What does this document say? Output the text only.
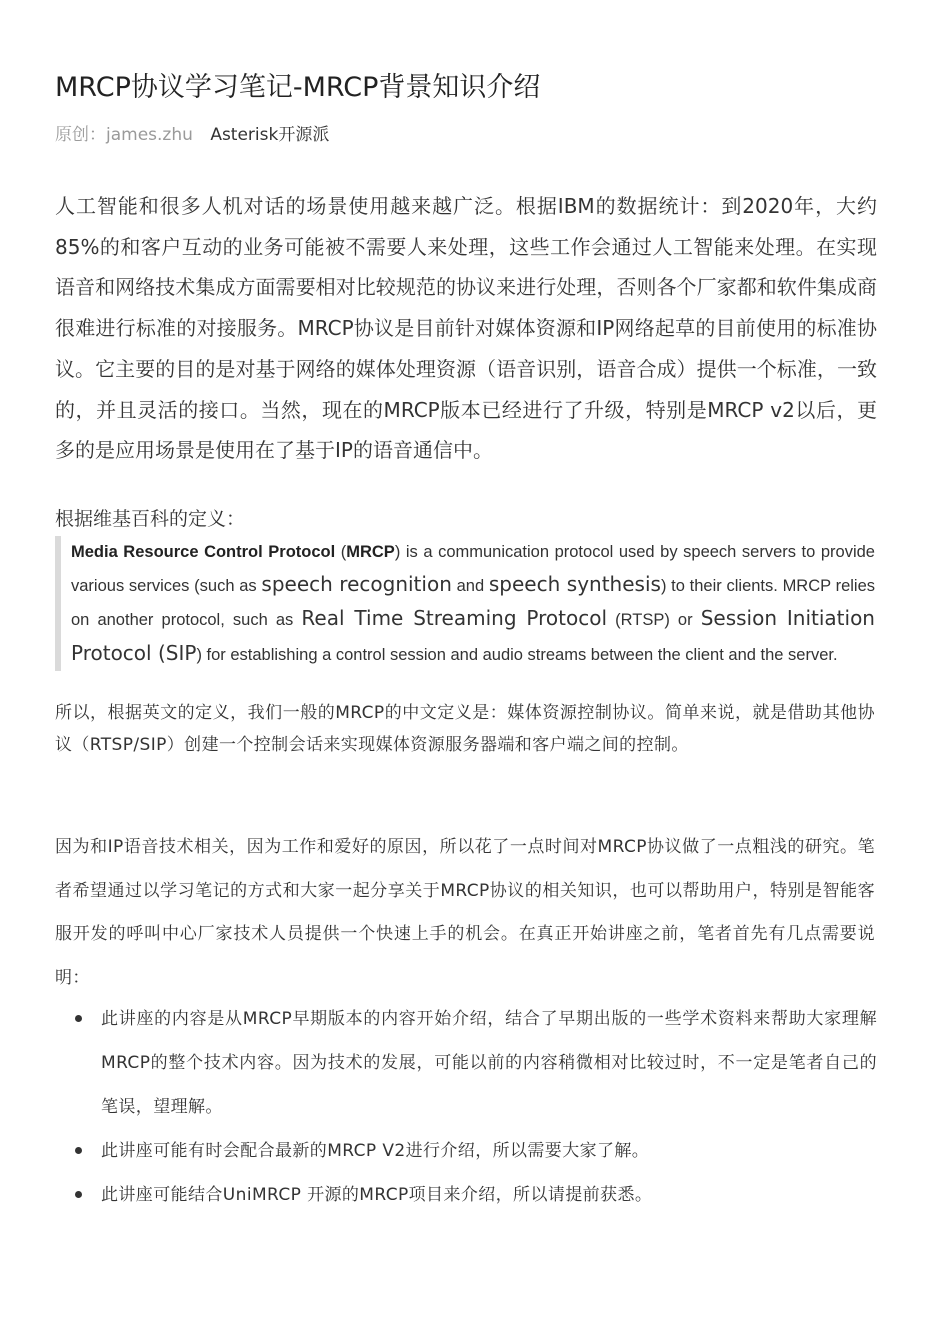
MRCP协议学习笔记-MRCP背景知识介绍
原创：james.zhu Asterisk开源派

人工智能和很多人机对话的场景使用越来越广泛。根据IBM的数据统计：到2020年，大约85%的和客户互动的业务可能被不需要人来处理，这些工作会通过人工智能来处理。在实现语音和网络技术集成方面需要相对比较规范的协议来进行处理，否则各个厂家都和软件集成商很难进行标准的对接服务。MRCP协议是目前针对媒体资源和IP网络起草的目前使用的标准协议。它主要的目的是对基于网络的媒体处理资源（语音识别，语音合成）提供一个标准，一致的，并且灵活的接口。当然，现在的MRCP版本已经进行了升级，特别是MRCP v2以后，更多的是应用场景是使用在了基于IP的语音通信中。

根据维基百科的定义：

Media Resource Control Protocol (MRCP) is a communication protocol used by speech servers to provide various services (such as speech recognition and speech synthesis) to their clients. MRCP relies on another protocol, such as Real Time Streaming Protocol (RTSP) or Session Initiation Protocol (SIP) for establishing a control session and audio streams between the client and the server.

所以，根据英文的定义，我们一般的MRCP的中文定义是：媒体资源控制协议。简单来说，就是借助其他协议（RTSP/SIP）创建一个控制会话来实现媒体资源服务器端和客户端之间的控制。

因为和IP语音技术相关，因为工作和爱好的原因，所以花了一点时间对MRCP协议做了一点粗浅的研究。笔者希望通过以学习笔记的方式和大家一起分享关于MRCP协议的相关知识，也可以帮助用户，特别是智能客服开发的呼叫中心厂家技术人员提供一个快速上手的机会。在真正开始讲座之前，笔者首先有几点需要说明：

此讲座的内容是从MRCP早期版本的内容开始介绍，结合了早期出版的一些学术资料来帮助大家理解MRCP的整个技术内容。因为技术的发展，可能以前的内容稍微相对比较过时，不一定是笔者自己的笔误，望理解。
此讲座可能有时会配合最新的MRCP V2进行介绍，所以需要大家了解。
此讲座可能结合UniMRCP 开源的MRCP项目来介绍，所以请提前获悉。
